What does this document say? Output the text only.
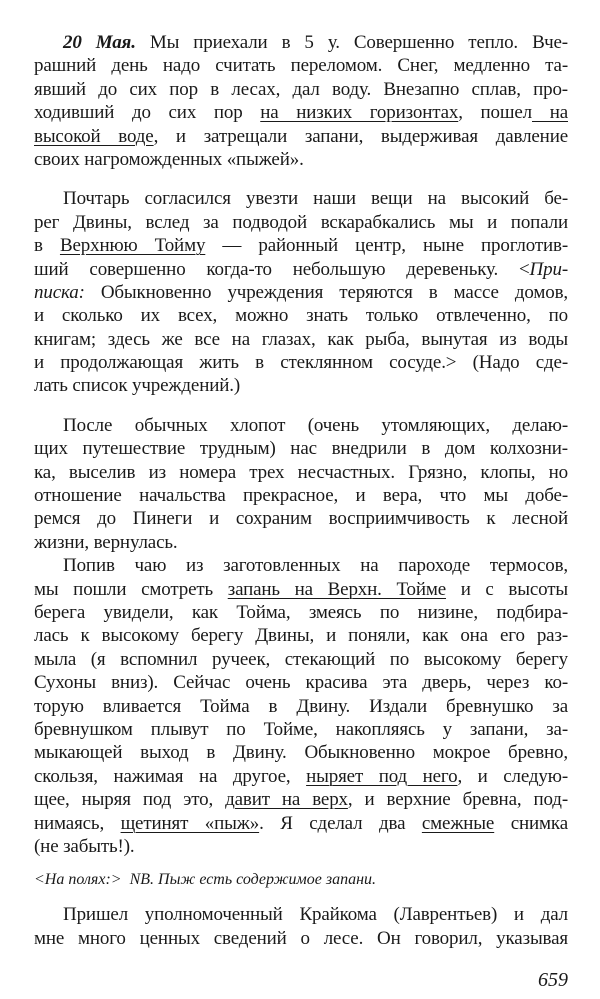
20 Мая. Мы приехали в 5 у. Совершенно тепло. Вче-
рашний день надо считать переломом. Снег, медленно та-
явший до сих пор в лесах, дал воду. Внезапно сплав, про-
ходивший до сих пор на низких горизонтах, пошел на
высокой воде, и затрещали запани, выдерживая давление
своих нагроможденных «пыжей».
Почтарь согласился увезти наши вещи на высокий бе-
рег Двины, вслед за подводой вскарабкались мы и попали
в Верхнюю Тойму — районный центр, ныне проглотив-
ший совершенно когда-то небольшую деревеньку. <При-
писка: Обыкновенно учреждения теряются в массе домов,
и сколько их всех, можно знать только отвлеченно, по
книгам; здесь же все на глазах, как рыба, вынутая из воды
и продолжающая жить в стеклянном сосуде.> (Надо сде-
лать список учреждений.)
После обычных хлопот (очень утомляющих, делаю-
щих путешествие трудным) нас внедрили в дом колхозни-
ка, выселив из номера трех несчастных. Грязно, клопы, но
отношение начальства прекрасное, и вера, что мы добе-
ремся до Пинеги и сохраним восприимчивость к лесной
жизни, вернулась.
Попив чаю из заготовленных на пароходе термосов,
мы пошли смотреть запань на Верхн. Тойме и с высоты
берега увидели, как Тойма, змеясь по низине, подбира-
лась к высокому берегу Двины, и поняли, как она его раз-
мыла (я вспомнил ручеек, стекающий по высокому берегу
Сухоны вниз). Сейчас очень красива эта дверь, через ко-
торую вливается Тойма в Двину. Издали бревнушко за
бревнушком плывут по Тойме, накопляясь у запани, за-
мыкающей выход в Двину. Обыкновенно мокрое бревно,
скользя, нажимая на другое, ныряет под него, и следую-
щее, ныряя под это, давит на верх, и верхние бревна, под-
нимаясь, щетинят «пыж». Я сделал два смежные снимка
(не забыть!).
<На полях:>  NB. Пыж есть содержимое запани.
Пришел уполномоченный Крайкома (Лаврентьев) и дал
мне много ценных сведений о лесе. Он говорил, указывая
659
